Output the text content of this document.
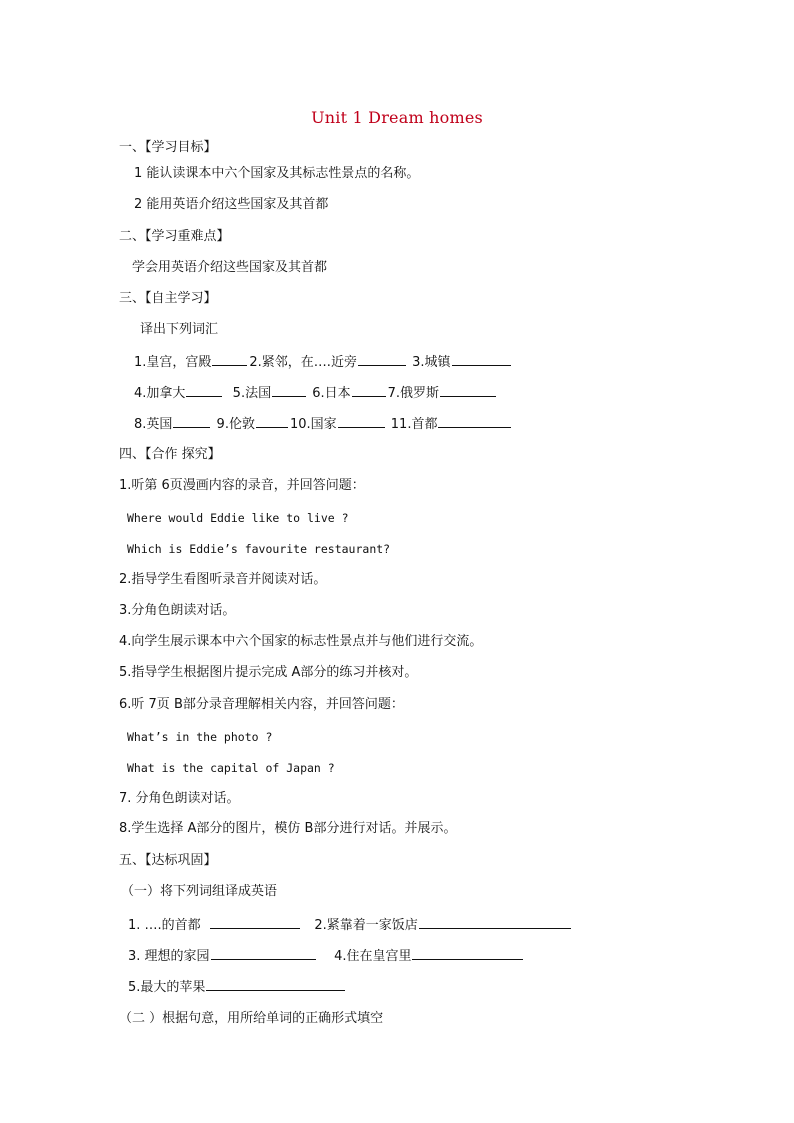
Unit 1 Dream homes
一、【学习目标】
1 能认读课本中六个国家及其标志性景点的名称。
2 能用英语介绍这些国家及其首都
二、【学习重难点】
学会用英语介绍这些国家及其首都
三、【自主学习】
译出下列词汇
1.皇宫，宫殿	2.紧邻，在….近旁	3.城镇
4.加拿大	5.法国	6.日本	7.俄罗斯
8.英国	9.伦敦	10.国家	11.首都
四、【合作 探究】
1.听第 6页漫画内容的录音，并回答问题：
Where would Eddie like to live ?
Which is Eddie’s favourite restaurant?
2.指导学生看图听录音并阅读对话。
3.分角色朗读对话。
4.向学生展示课本中六个国家的标志性景点并与他们进行交流。
5.指导学生根据图片提示完成 A部分的练习并核对。
6.听 7页 B部分录音理解相关内容，并回答问题：
What’s in the photo ?
What is the capital of Japan ?
7. 分角色朗读对话。
8.学生选择 A部分的图片，模仿 B部分进行对话。并展示。
五、【达标巩固】
（一）将下列词组译成英语
1. ….的首都	2.紧靠着一家饭店
3. 理想的家园	4.住在皇宫里
5.最大的苹果
（二 ）根据句意，用所给单词的正确形式填空
